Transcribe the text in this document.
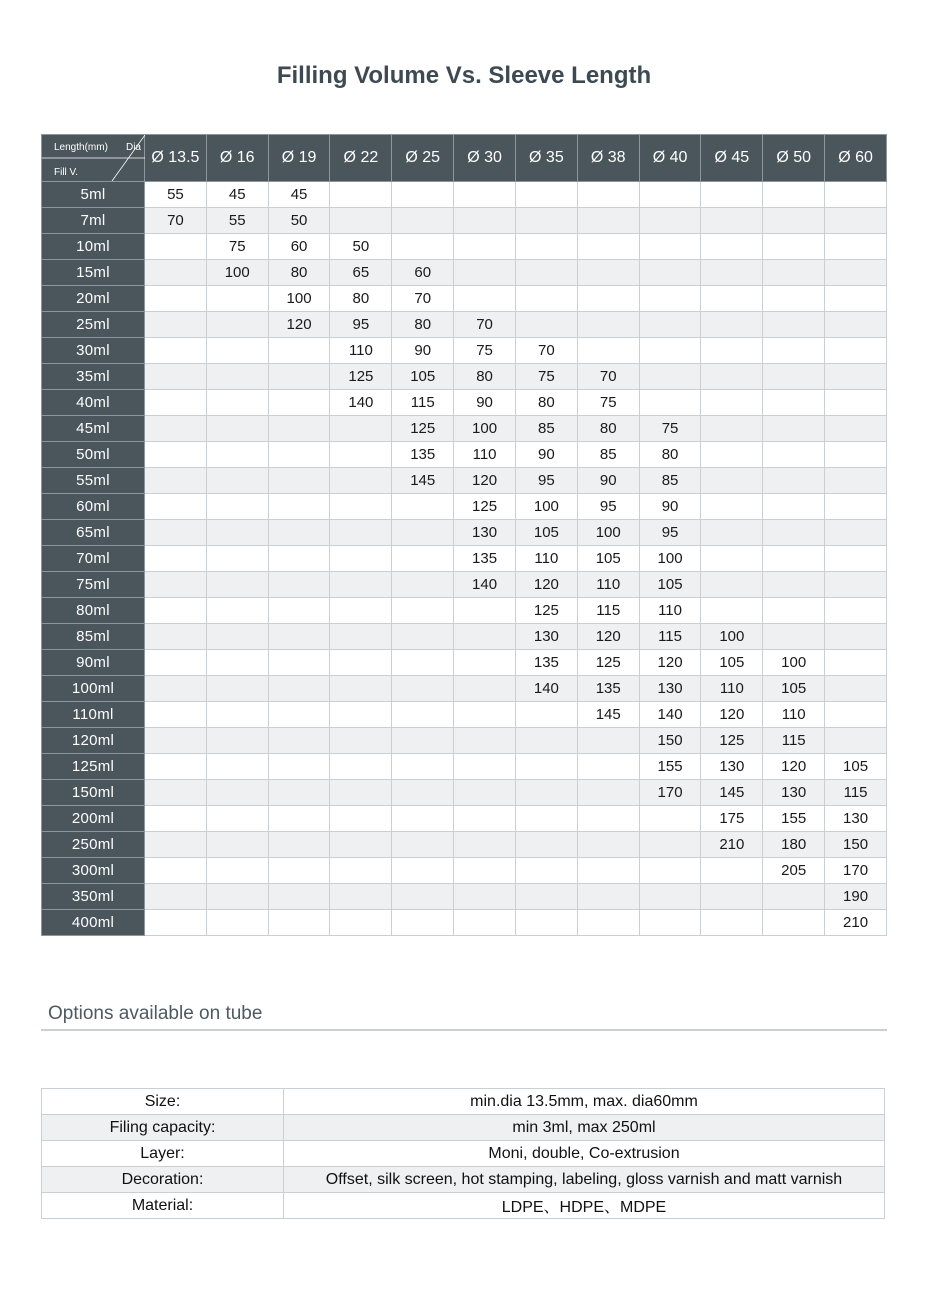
Filling Volume Vs. Sleeve Length
Length(mm) Dia
Fill V.	Ø 13.5	Ø 16	Ø 19	Ø 22	Ø 25	Ø 30	Ø 35	Ø 38	Ø 40	Ø 45	Ø 50	Ø 60
5ml	55	45	45									
7ml	70	55	50									
10ml		75	60	50								
15ml		100	80	65	60							
20ml			100	80	70							
25ml			120	95	80	70						
30ml				110	90	75	70					
35ml				125	105	80	75	70				
40ml				140	115	90	80	75				
45ml					125	100	85	80	75			
50ml					135	110	90	85	80			
55ml					145	120	95	90	85			
60ml						125	100	95	90			
65ml						130	105	100	95			
70ml						135	110	105	100			
75ml						140	120	110	105			
80ml							125	115	110			
85ml							130	120	115	100		
90ml							135	125	120	105	100	
100ml							140	135	130	110	105	
110ml								145	140	120	110	
120ml									150	125	115	
125ml									155	130	120	105
150ml									170	145	130	115
200ml										175	155	130
250ml										210	180	150
300ml											205	170
350ml												190
400ml												210
Options available on tube
Size:	min.dia 13.5mm, max. dia60mm
Filing capacity:	min 3ml, max 250ml
Layer:	Moni, double, Co-extrusion
Decoration:	Offset, silk screen, hot stamping, labeling, gloss varnish and matt varnish
Material:	LDPE、HDPE、MDPE
